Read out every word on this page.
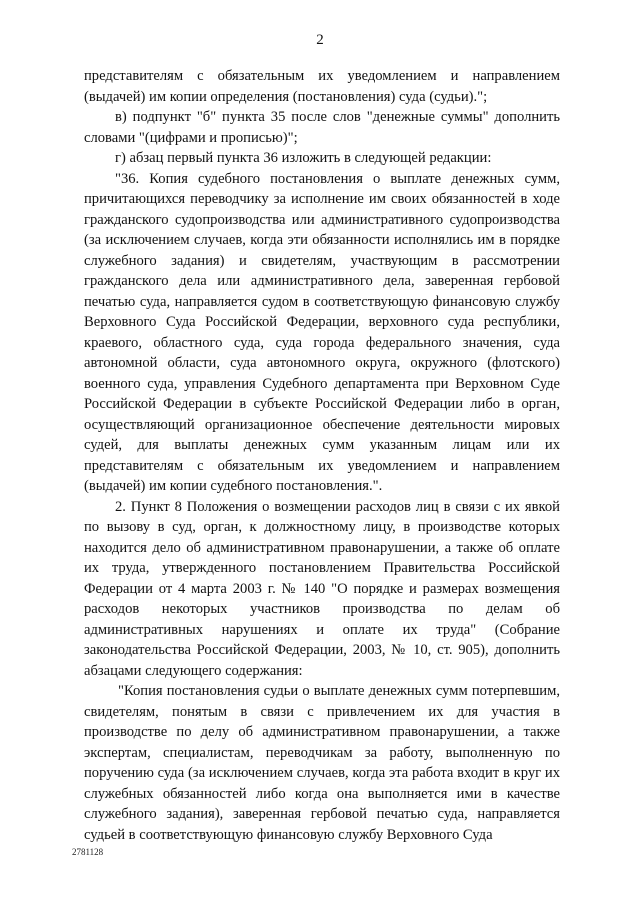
2

представителям с обязательным их уведомлением и направлением (выдачей) им копии определения (постановления) суда (судьи).";

в) подпункт "б" пункта 35 после слов "денежные суммы" дополнить словами "(цифрами и прописью)";

г) абзац первый пункта 36 изложить в следующей редакции:

"36. Копия судебного постановления о выплате денежных сумм, причитающихся переводчику за исполнение им своих обязанностей в ходе гражданского судопроизводства или административного судопроизводства (за исключением случаев, когда эти обязанности исполнялись им в порядке служебного задания) и свидетелям, участвующим в рассмотрении гражданского дела или административного дела, заверенная гербовой печатью суда, направляется судом в соответствующую финансовую службу Верховного Суда Российской Федерации, верховного суда республики, краевого, областного суда, суда города федерального значения, суда автономной области, суда автономного округа, окружного (флотского) военного суда, управления Судебного департамента при Верховном Суде Российской Федерации в субъекте Российской Федерации либо в орган, осуществляющий организационное обеспечение деятельности мировых судей, для выплаты денежных сумм указанным лицам или их представителям с обязательным их уведомлением и направлением (выдачей) им копии судебного постановления.".

2. Пункт 8 Положения о возмещении расходов лиц в связи с их явкой по вызову в суд, орган, к должностному лицу, в производстве которых находится дело об административном правонарушении, а также об оплате их труда, утвержденного постановлением Правительства Российской Федерации от 4 марта 2003 г. № 140 "О порядке и размерах возмещения расходов некоторых участников производства по делам об административных нарушениях и оплате их труда" (Собрание законодательства Российской Федерации, 2003, № 10, ст. 905), дополнить абзацами следующего содержания:

"Копия постановления судьи о выплате денежных сумм потерпевшим, свидетелям, понятым в связи с привлечением их для участия в производстве по делу об административном правонарушении, а также экспертам, специалистам, переводчикам за работу, выполненную по поручению суда (за исключением случаев, когда эта работа входит в круг их служебных обязанностей либо когда она выполняется ими в качестве служебного задания), заверенная гербовой печатью суда, направляется судьей в соответствующую финансовую службу Верховного Суда

2781128
